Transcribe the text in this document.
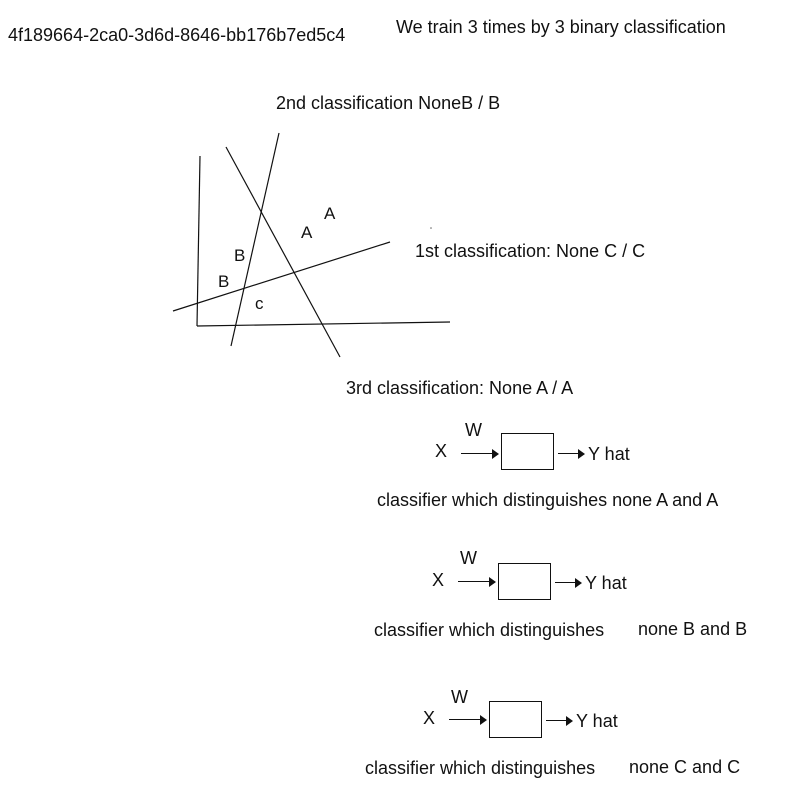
4f189664-2ca0-3d6d-8646-bb176b7ed5c4	We train 3 times by 3 binary classification
2nd classification NoneB / B
1st classification: None C / C
3rd classification: None A / A
A
A
B
B
c
X
W
Y hat
classifier which distinguishes none A and A
X
W
Y hat
classifier which distinguishes none B and B
X
W
Y hat
classifier which distinguishes none C and C
